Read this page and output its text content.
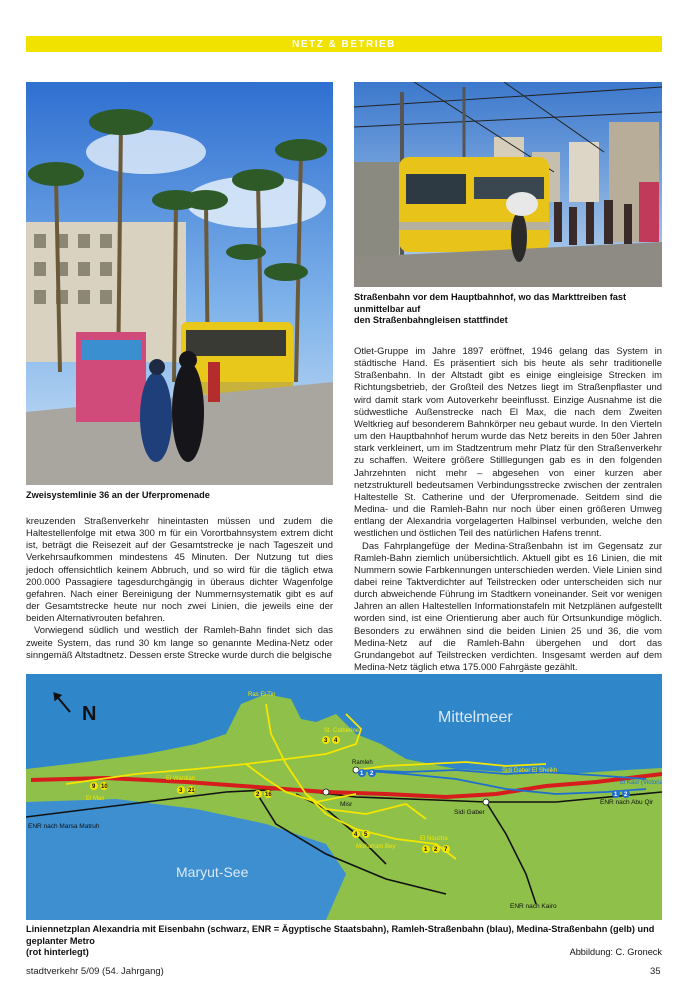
NETZ & BETRIEB
Zweisystemlinie 36 an der Uferpromenade
Straßenbahn vor dem Hauptbahnhof, wo das Markttreiben fast unmittelbar auf
den Straßenbahngleisen stattfindet

kreuzenden Straßenverkehr hineintasten müssen und zudem die Haltestellenfolge mit etwa 300 m für ein Vorortbahnsystem extrem dicht ist, beträgt die Reisezeit auf der Gesamtstrecke je nach Tageszeit und Verkehrsaufkommen mindestens 45 Minuten. Der Nutzung tut dies jedoch offensichtlich keinem Abbruch, und so wird für die täglich etwa 200.000 Passagiere tagesdurchgängig in überaus dichter Wagenfolge gefahren. Nach einer Bereinigung der Nummernsystematik gibt es auf der Gesamtstrecke heute nur noch zwei Linien, die jeweils eine der beiden Alternativrouten befahren.

Vorwiegend südlich und westlich der Ramleh-Bahn findet sich das zweite System, das rund 30 km lange so genannte Medina-Netz oder sinngemäß Altstadtnetz. Dessen erste Strecke wurde durch die belgische

Otlet-Gruppe im Jahre 1897 eröffnet, 1946 gelang das System in städtische Hand. Es präsentiert sich bis heute als sehr traditionelle Straßenbahn. In der Altstadt gibt es einige eingleisige Strecken im Richtungsbetrieb, der Großteil des Netzes liegt im Straßenpflaster und wird damit stark vom Autoverkehr beeinflusst. Einzige Ausnahme ist die südwestliche Außenstrecke nach El Max, die nach dem Zweiten Weltkrieg auf besonderem Bahnkörper neu gebaut wurde. In den Vierteln um den Hauptbahnhof herum wurde das Netz bereits in den 50er Jahren stark verkleinert, um im Stadtzentrum mehr Platz für den Straßenverkehr zu schaffen. Weitere größere Stilllegungen gab es in den folgenden Jahrzehnten nicht mehr – abgesehen von einer kurzen aber netzstrukturell bedeutsamen Verbindungsstrecke zwischen der zentralen Haltestelle St. Catherine und der Uferpromenade. Seitdem sind die Medina- und die Ramleh-Bahn nur noch über einen größeren Umweg entlang der Alexandria vorgelagerten Halbinsel verbunden, welche den westlichen und östlichen Teil des natürlichen Hafens trennt.

Das Fahrplangefüge der Medina-Straßenbahn ist im Gegensatz zur Ramleh-Bahn ziemlich unübersichtlich. Aktuell gibt es 16 Linien, die mit Nummern sowie Farbkennungen unterschieden werden. Viele Linien sind dabei reine Taktverdichter auf Teilstrecken oder unterscheiden sich nur durch abweichende Führung im Stadtkern voneinander. Seit vor wenigen Jahren an allen Haltestellen Informationstafeln mit Netzplänen aufgestellt worden sind, ist eine Orientierung aber auch für Ortsunkundige möglich. Besonders zu erwähnen sind die beiden Linien 25 und 36, die vom Medina-Netz auf die Ramleh-Bahn übergehen und dort das Grundangebot auf Teilstrecken verdichten. Insgesamt werden auf dem Medina-Netz täglich etwa 175.000 Fahrgäste gezählt.

9 10
3 21
2 16
3 4
4 5
1 2 7
1 2
1 2
N	Mittelmeer
Maryut-See
ENR nach Marsa Matruh
ENR nach Abu Qir
ENR nach Kairo
Sidi Gaber
Misr
Ramleh
St. Catherine
Ras El Tin
El Max
El Wardian
Moharram Bey
El Nouzha
Sidi Gaber El Sheikh
El Kasr (Victoria)
Liniennetzplan Alexandria mit Eisenbahn (schwarz, ENR = Ägyptische Staatsbahn), Ramleh-Straßenbahn (blau), Medina-Straßenbahn (gelb) und geplanter Metro
(rot hinterlegt)	Abbildung: C. Groneck
stadtverkehr 5/09 (54. Jahrgang)	35
